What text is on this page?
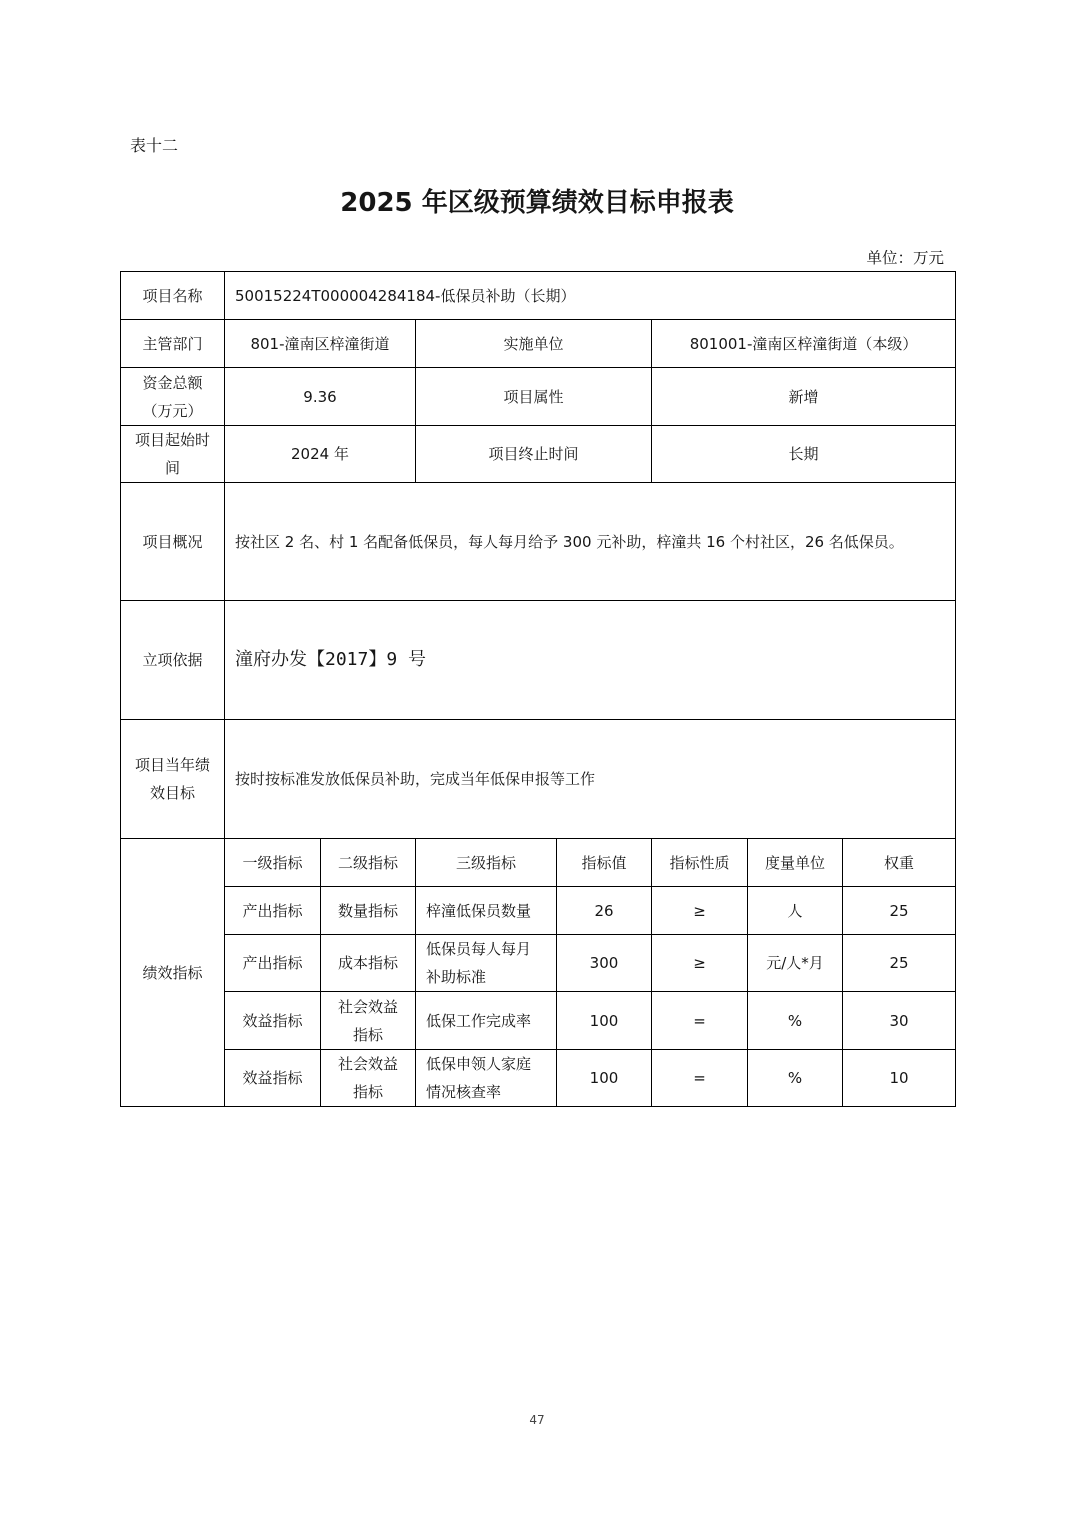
表十二
2025 年区级预算绩效目标申报表
单位：万元
项目名称	50015224T000004284184-低保员补助（长期）						
主管部门	801-潼南区梓潼街道		实施单位		801001-潼南区梓潼街道（本级）		

资金总额
（万元）	9.36		项目属性		新增		

项目起始时
间	2024 年		项目终止时间		长期		
项目概况	按社区 2 名、村 1 名配备低保员，每人每月给予 300 元补助，梓潼共 16 个村社区，26 名低保员。						
立项依据	潼府办发【2017】9 号						

项目当年绩
效目标	按时按标准发放低保员补助，完成当年低保申报等工作						
绩效指标	一级指标	二级指标	三级指标	指标值	指标性质	度量单位	权重
	产出指标	数量指标	梓潼低保员数量	26	≥	人	25
	产出指标	成本指标	低保员每人每月
补助标准	300	≥	元/人*月	25
	效益指标	社会效益
指标	低保工作完成率	100	=	%	30
	效益指标	社会效益
指标	低保申领人家庭
情况核查率	100	=	%	10
47
